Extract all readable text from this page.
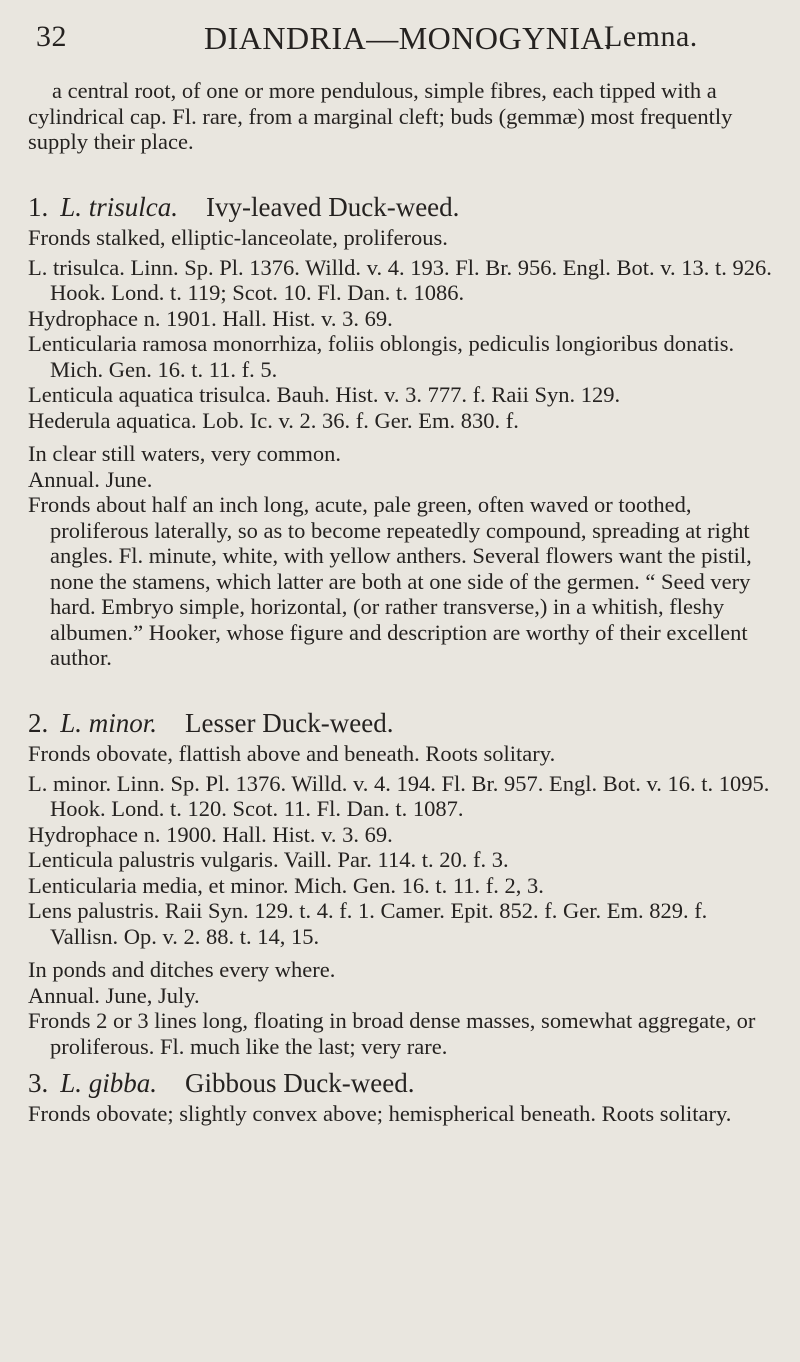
32	DIANDRIA—MONOGYNIA.
Lemna.

a central root, of one or more pendulous, simple fibres, each tipped with a cylindrical cap. Fl. rare, from a marginal cleft; buds (gemmæ) most frequently supply their place.

1. L. trisulca. Ivy-leaved Duck-weed.

Fronds stalked, elliptic-lanceolate, proliferous.

L. trisulca. Linn. Sp. Pl. 1376. Willd. v. 4. 193. Fl. Br. 956. Engl. Bot. v. 13. t. 926. Hook. Lond. t. 119; Scot. 10. Fl. Dan. t. 1086.

Hydrophace n. 1901. Hall. Hist. v. 3. 69.

Lenticularia ramosa monorrhiza, foliis oblongis, pediculis longioribus donatis. Mich. Gen. 16. t. 11. f. 5.

Lenticula aquatica trisulca. Bauh. Hist. v. 3. 777. f. Raii Syn. 129.

Hederula aquatica. Lob. Ic. v. 2. 36. f. Ger. Em. 830. f.

In clear still waters, very common.

Annual. June.

Fronds about half an inch long, acute, pale green, often waved or toothed, proliferous laterally, so as to become repeatedly compound, spreading at right angles. Fl. minute, white, with yellow anthers. Several flowers want the pistil, none the stamens, which latter are both at one side of the germen. “ Seed very hard. Embryo simple, horizontal, (or rather transverse,) in a whitish, fleshy albumen.” Hooker, whose figure and description are worthy of their excellent author.

2. L. minor. Lesser Duck-weed.

Fronds obovate, flattish above and beneath. Roots solitary.

L. minor. Linn. Sp. Pl. 1376. Willd. v. 4. 194. Fl. Br. 957. Engl. Bot. v. 16. t. 1095. Hook. Lond. t. 120. Scot. 11. Fl. Dan. t. 1087.

Hydrophace n. 1900. Hall. Hist. v. 3. 69.

Lenticula palustris vulgaris. Vaill. Par. 114. t. 20. f. 3.

Lenticularia media, et minor. Mich. Gen. 16. t. 11. f. 2, 3.

Lens palustris. Raii Syn. 129. t. 4. f. 1. Camer. Epit. 852. f. Ger. Em. 829. f. Vallisn. Op. v. 2. 88. t. 14, 15.

In ponds and ditches every where.

Annual. June, July.

Fronds 2 or 3 lines long, floating in broad dense masses, somewhat aggregate, or proliferous. Fl. much like the last; very rare.

3. L. gibba. Gibbous Duck-weed.

Fronds obovate; slightly convex above; hemispherical beneath. Roots solitary.
